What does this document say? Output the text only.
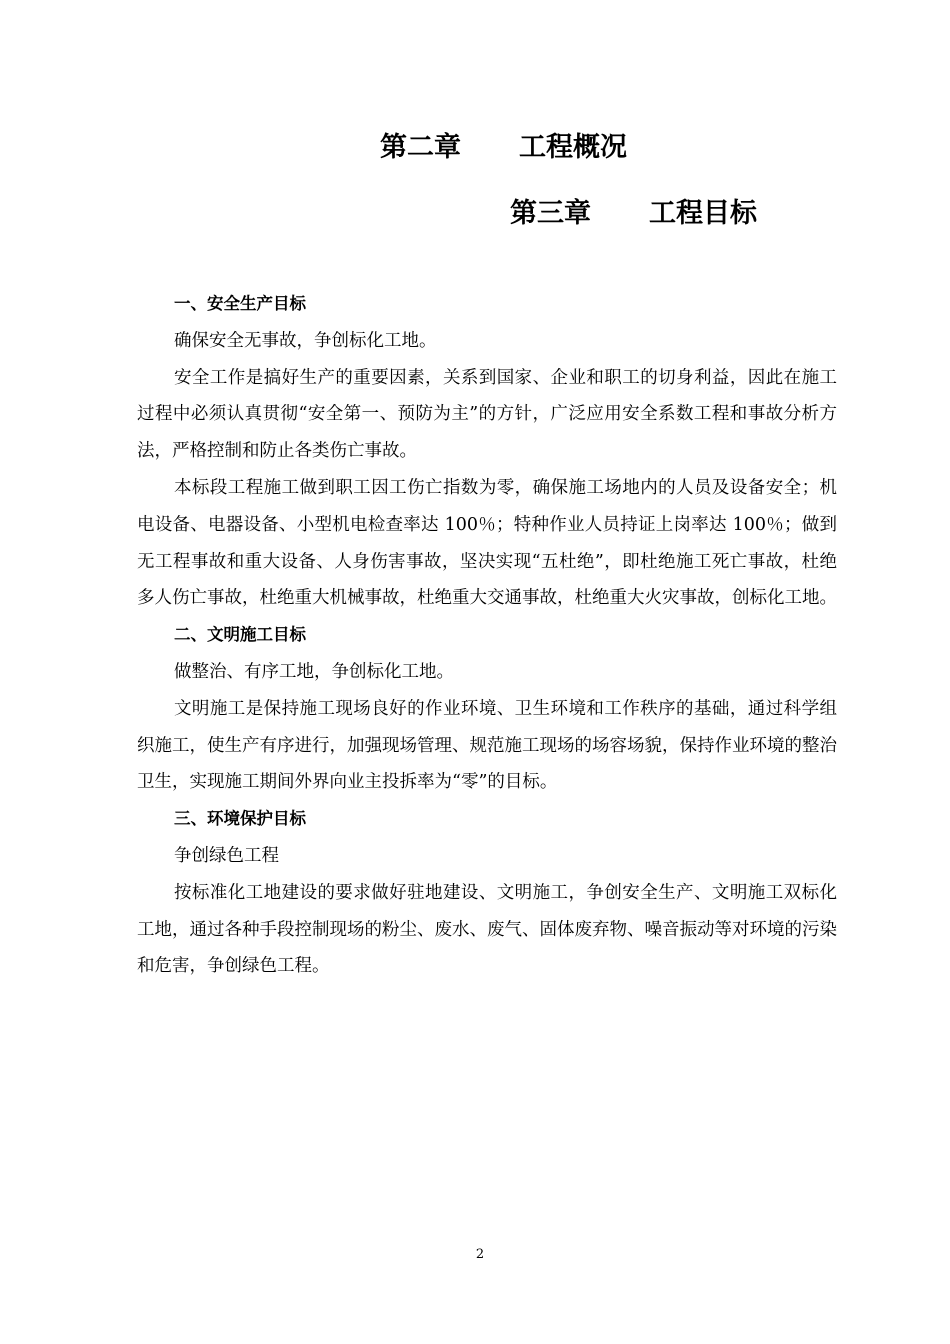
第二章 工程概况
第三章 工程目标

一、安全生产目标

确保安全无事故，争创标化工地。

安全工作是搞好生产的重要因素，关系到国家、企业和职工的切身利益，因此在施工过程中必须认真贯彻“安全第一、预防为主”的方针，广泛应用安全系数工程和事故分析方法，严格控制和防止各类伤亡事故。

本标段工程施工做到职工因工伤亡指数为零，确保施工场地内的人员及设备安全；机电设备、电器设备、小型机电检查率达 100％；特种作业人员持证上岗率达 100％；做到无工程事故和重大设备、人身伤害事故，坚决实现“五杜绝”，即杜绝施工死亡事故，杜绝多人伤亡事故，杜绝重大机械事故，杜绝重大交通事故，杜绝重大火灾事故，创标化工地。

二、文明施工目标

做整治、有序工地，争创标化工地。

文明施工是保持施工现场良好的作业环境、卫生环境和工作秩序的基础，通过科学组织施工，使生产有序进行，加强现场管理、规范施工现场的场容场貌，保持作业环境的整治卫生，实现施工期间外界向业主投拆率为“零”的目标。

三、环境保护目标

争创绿色工程

按标准化工地建设的要求做好驻地建设、文明施工，争创安全生产、文明施工双标化工地，通过各种手段控制现场的粉尘、废水、废气、固体废弃物、噪音振动等对环境的污染和危害，争创绿色工程。

2
